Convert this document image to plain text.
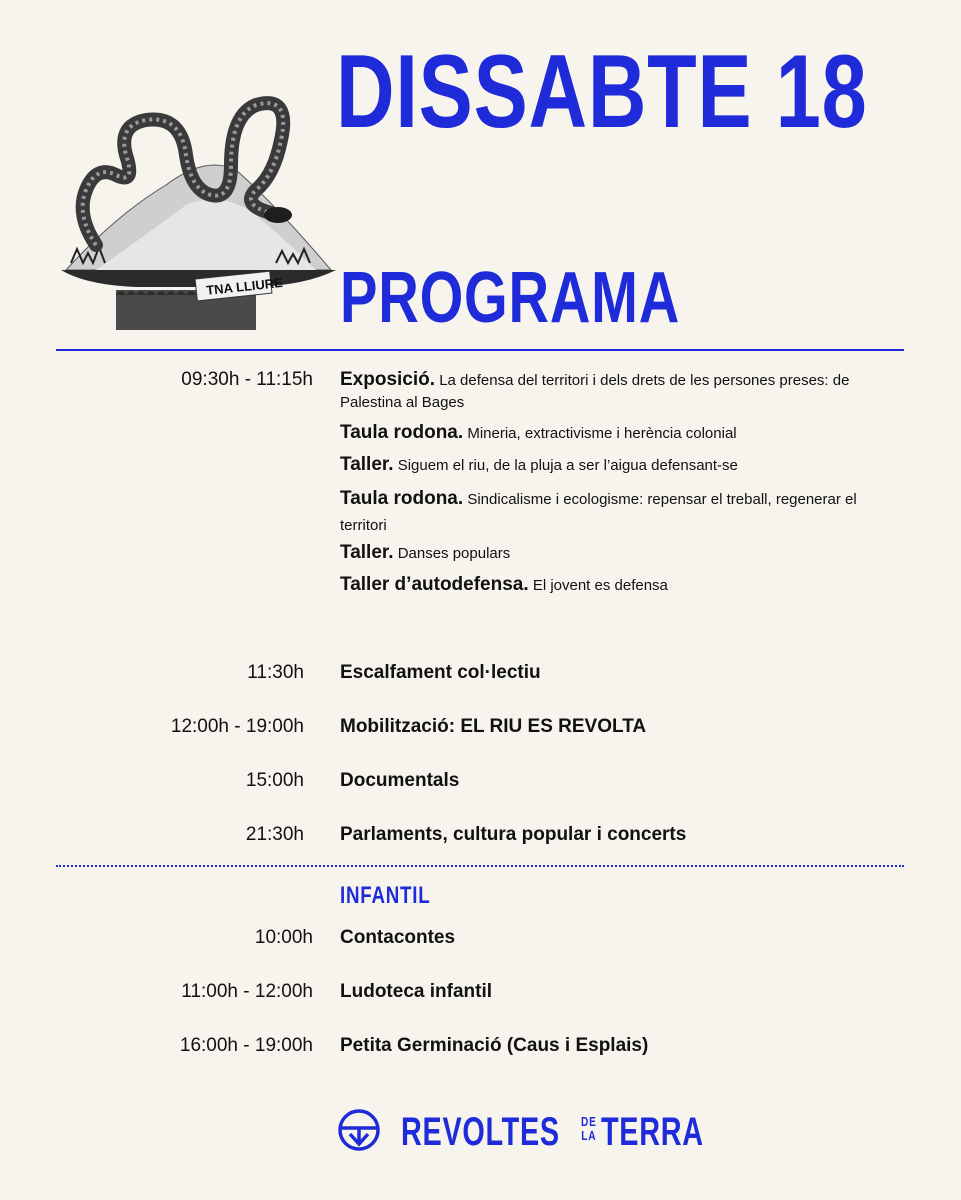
DISSABTE 18
TNA LLIURE PROGRAMA
09:30h - 11:15h Exposició. La defensa del territori i dels drets de les persones preses: de Palestina al Bages
Taula rodona. Mineria, extractivisme i herència colonial
Taller. Siguem el riu, de la pluja a ser l’aigua defensant-se
Taula rodona. Sindicalisme i ecologisme: repensar el treball, regenerar el territori
Taller. Danses populars
Taller d’autodefensa. El jovent es defensa
11:30h Escalfament col·lectiu
12:00h - 19:00h Mobilització: EL RIU ES REVOLTA
15:00h Documentals
21:30h Parlaments, cultura popular i concerts
INFANTIL
10:00h Contacontes
11:00h - 12:00h Ludoteca infantil
16:00h - 19:00h Petita Germinació (Caus i Esplais)
REVOLTES DE
LA TERRA
